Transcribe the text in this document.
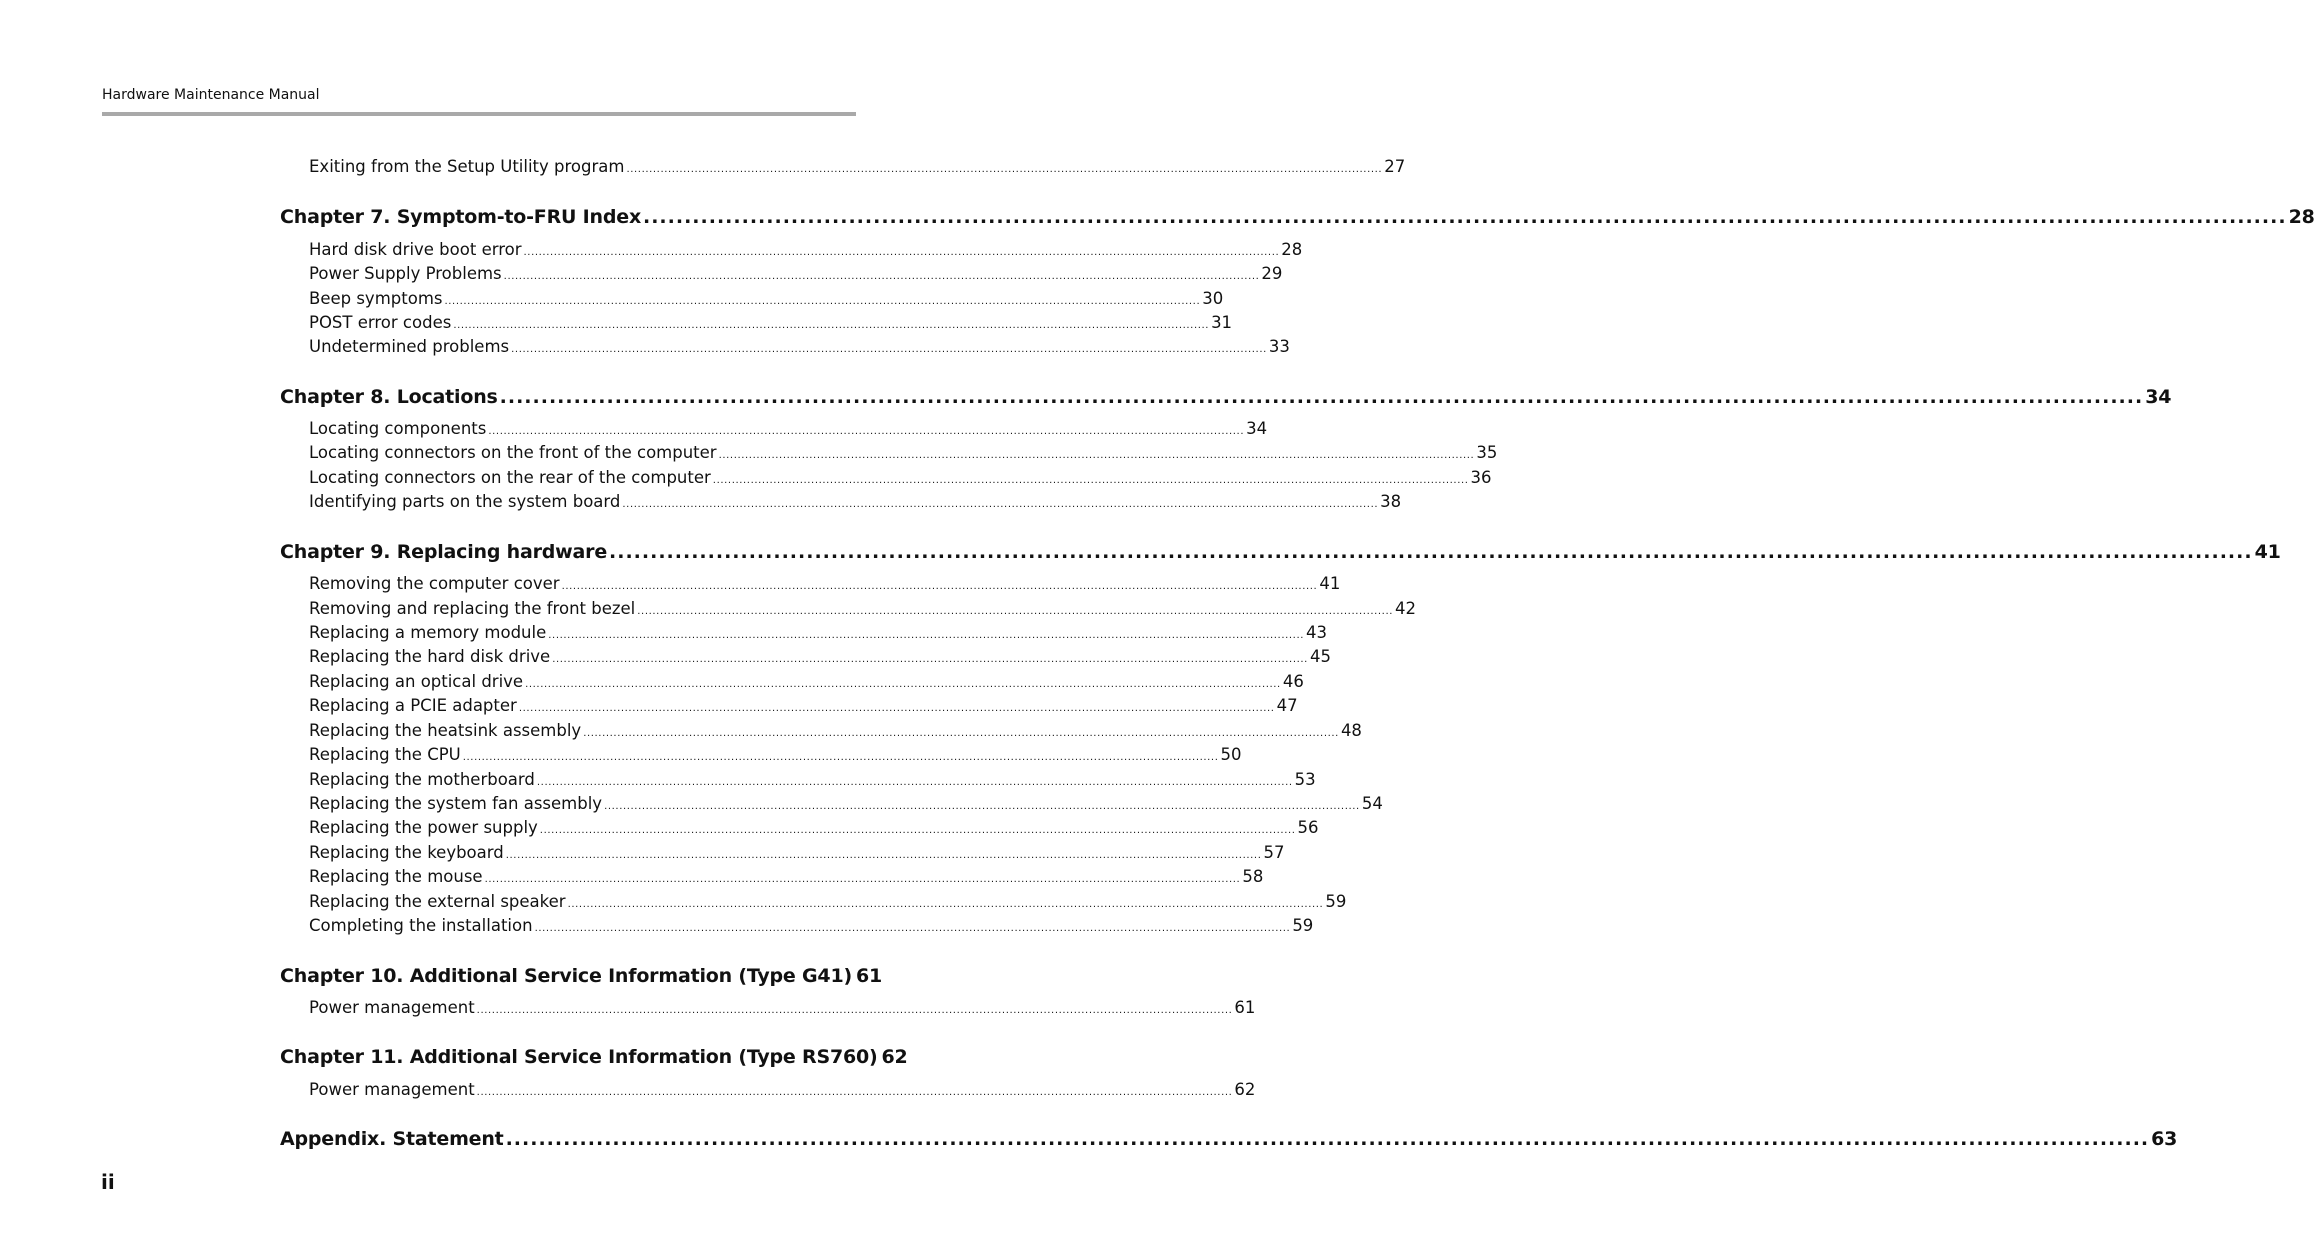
Hardware Maintenance Manual
Exiting from the Setup Utility program ........................................................................................................................................................................................................ 27
Chapter 7. Symptom-to-FRU Index ........................................................................................................................................................................................................ 28
Hard disk drive boot error ........................................................................................................................................................................................................ 28
Power Supply Problems ........................................................................................................................................................................................................ 29
Beep symptoms ........................................................................................................................................................................................................ 30
POST error codes ........................................................................................................................................................................................................ 31
Undetermined problems ........................................................................................................................................................................................................ 33
Chapter 8. Locations ........................................................................................................................................................................................................ 34
Locating components ........................................................................................................................................................................................................ 34
Locating connectors on the front of the computer ........................................................................................................................................................................................................ 35
Locating connectors on the rear of the computer ........................................................................................................................................................................................................ 36
Identifying parts on the system board ........................................................................................................................................................................................................ 38
Chapter 9. Replacing hardware ........................................................................................................................................................................................................ 41
Removing the computer cover ........................................................................................................................................................................................................ 41
Removing and replacing the front bezel ........................................................................................................................................................................................................ 42
Replacing a memory module ........................................................................................................................................................................................................ 43
Replacing the hard disk drive ........................................................................................................................................................................................................ 45
Replacing an optical drive ........................................................................................................................................................................................................ 46
Replacing a PCIE adapter ........................................................................................................................................................................................................ 47
Replacing the heatsink assembly ........................................................................................................................................................................................................ 48
Replacing the CPU ........................................................................................................................................................................................................ 50
Replacing the motherboard ........................................................................................................................................................................................................ 53
Replacing the system fan assembly ........................................................................................................................................................................................................ 54
Replacing the power supply ........................................................................................................................................................................................................ 56
Replacing the keyboard ........................................................................................................................................................................................................ 57
Replacing the mouse ........................................................................................................................................................................................................ 58
Replacing the external speaker ........................................................................................................................................................................................................ 59
Completing the installation ........................................................................................................................................................................................................ 59
Chapter 10. Additional Service Information (Type G41) 61
Power management ........................................................................................................................................................................................................ 61
Chapter 11. Additional Service Information (Type RS760) 62
Power management ........................................................................................................................................................................................................ 62
Appendix. Statement ........................................................................................................................................................................................................ 63
ii
